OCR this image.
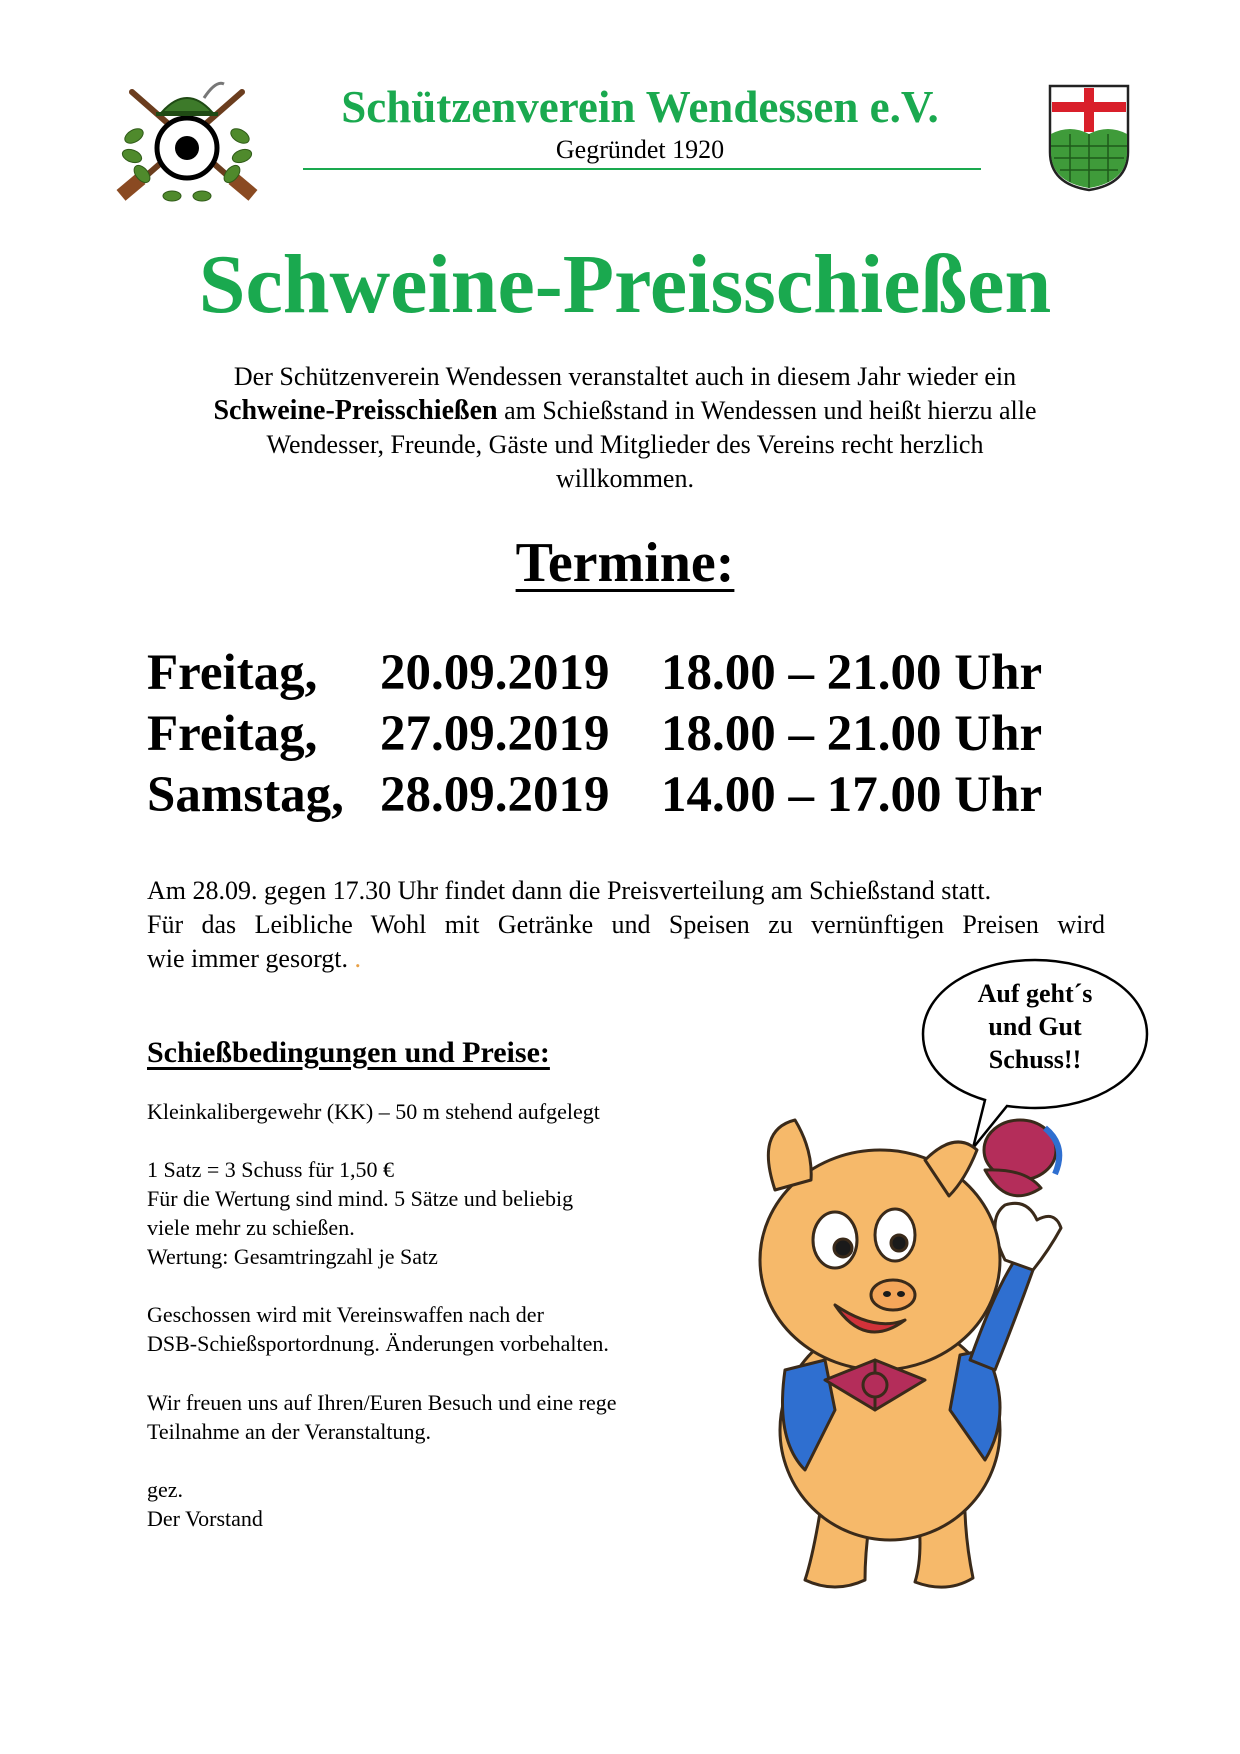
Schützenverein Wendessen e.V.
Gegründet 1920
Schweine-Preisschießen
Der Schützenverein Wendessen veranstaltet auch in diesem Jahr wieder ein
Schweine-Preisschießen am Schießstand in Wendessen und heißt hierzu alle
Wendesser, Freunde, Gäste und Mitglieder des Vereins recht herzlich
willkommen.
Termine:
Freitag, 20.09.2019 18.00 – 21.00 Uhr
Freitag, 27.09.2019 18.00 – 21.00 Uhr
Samstag, 28.09.2019 14.00 – 17.00 Uhr
Am 28.09. gegen 17.30 Uhr findet dann die Preisverteilung am Schießstand statt.
Für das Leibliche Wohl mit Getränke und Speisen zu vernünftigen Preisen wird
wie immer gesorgt. .
Schießbedingungen und Preise:
Kleinkalibergewehr (KK) – 50 m stehend aufgelegt
1 Satz = 3 Schuss für 1,50 €
Für die Wertung sind mind. 5 Sätze und beliebig
viele mehr zu schießen.
Wertung: Gesamtringzahl je Satz
Geschossen wird mit Vereinswaffen nach der
DSB-Schießsportordnung. Änderungen vorbehalten.
Wir freuen uns auf Ihren/Euren Besuch und eine rege
Teilnahme an der Veranstaltung.
gez.
Der Vorstand
Auf geht´s
und Gut
Schuss!!
